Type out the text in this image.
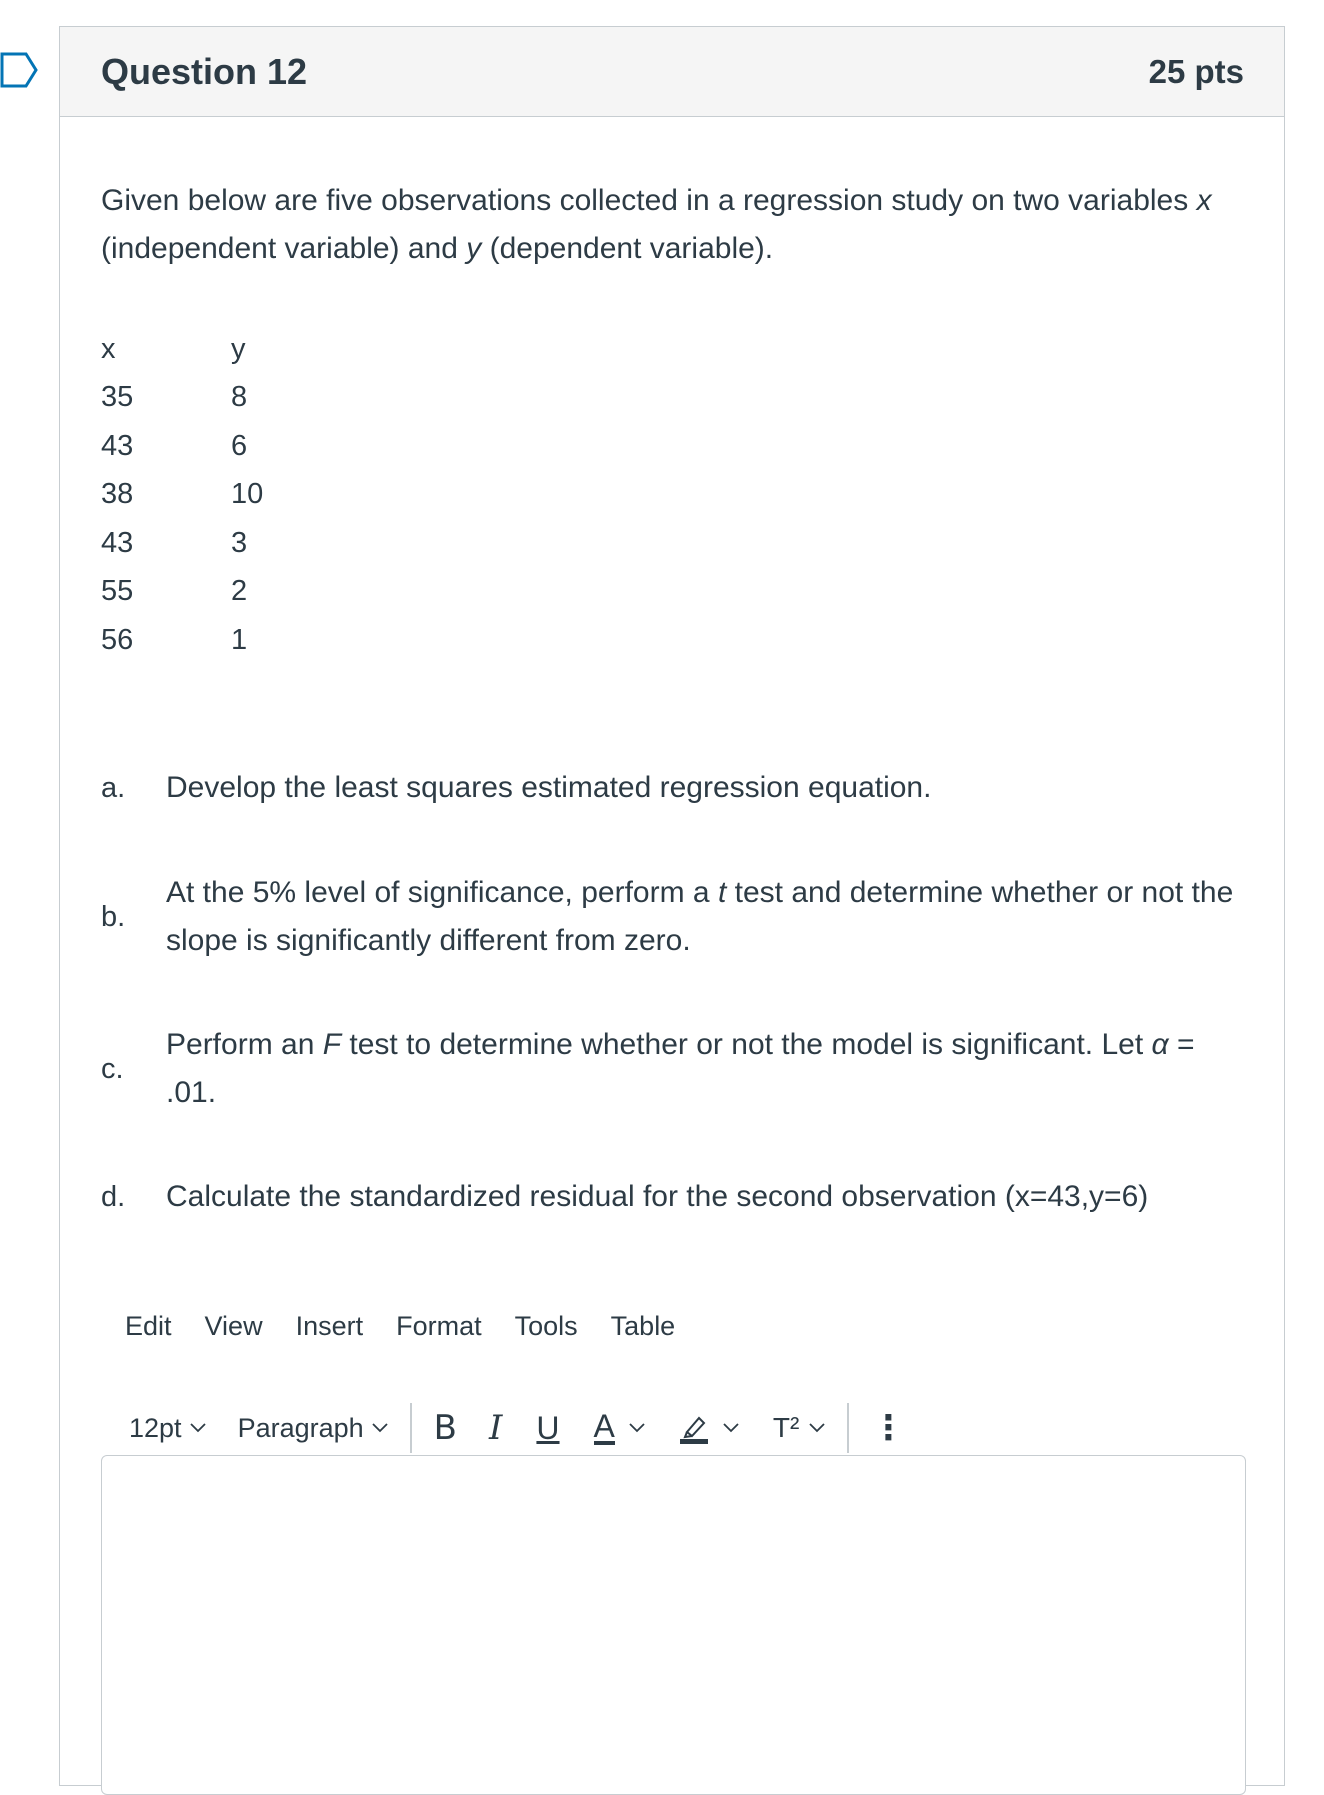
Question 12	25 pts
Given below are five observations collected in a regression study on two variables x (independent variable) and y (dependent variable).
x	y
35	8
43	6
38	10
43	3
55	2
56	1
a.	Develop the least squares estimated regression equation.
b.
At the 5% level of significance, perform a t test and determine whether or not the slope is significantly different from zero.
c.
Perform an F test to determine whether or not the model is significant. Let α = .01.
d.	Calculate the standardized residual for the second observation (x=43,y=6)
Edit View Insert Format Tools Table
12pt Paragraph B I U A	T² ⋮
